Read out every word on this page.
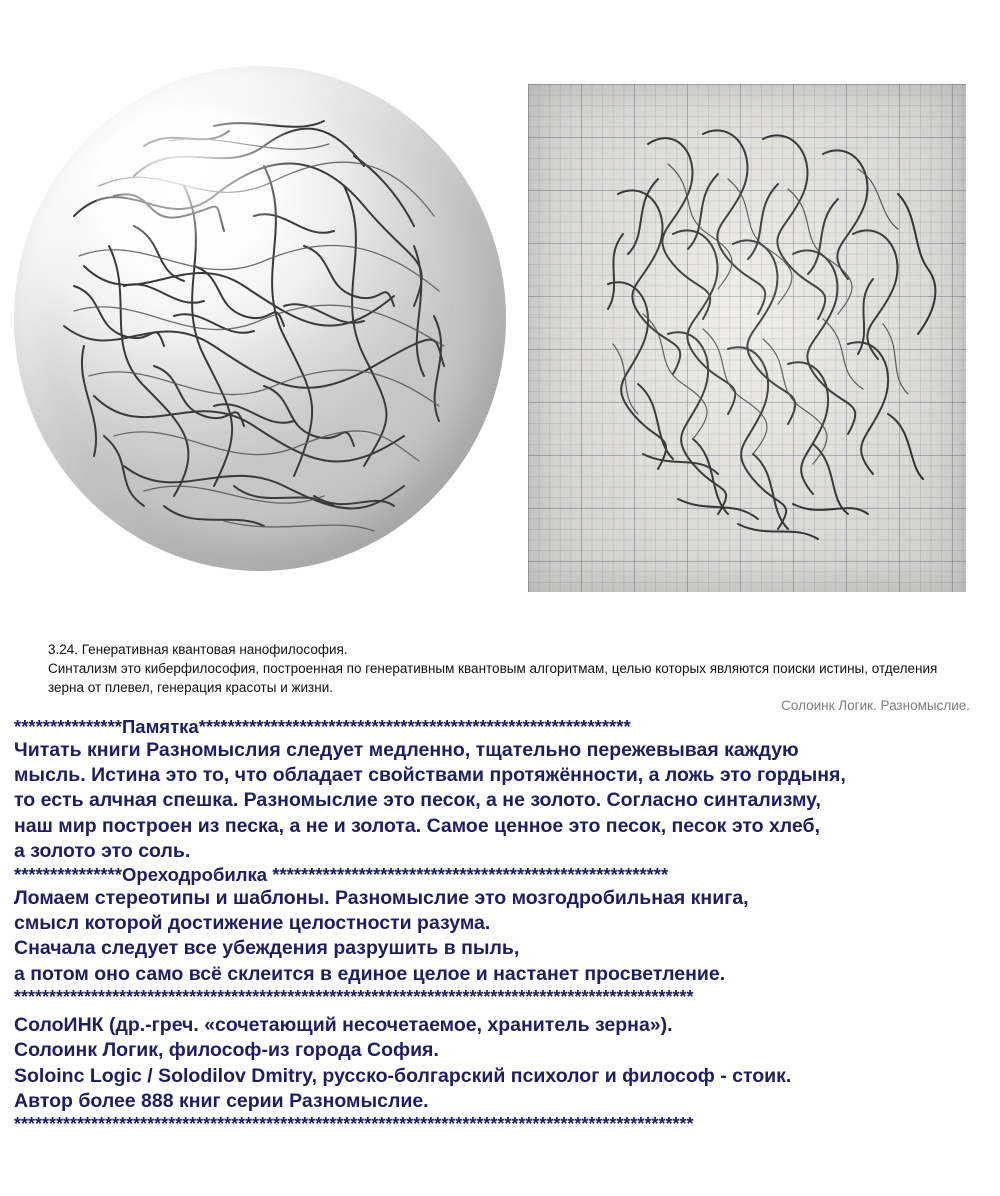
3.24. Генеративная квантовая нанофилософия.
Синтализм это киберфилософия, построенная по генеративным квантовым алгоритмам, целью которых являются поиски истины, отделения зерна от плевел, генерация красоты и жизни.
Солоинк Логик. Разномыслие.
***************Памятка************************************************************

Читать книги Разномыслия следует медленно, тщательно пережевывая каждую

мысль. Истина это то, что обладает свойствами протяжённости, а ложь это гордыня,

то есть алчная спешка. Разномыслие это песок, а не золото. Согласно синтализму,

наш мир построен из песка, а не и золота. Самое ценное это песок, песок это хлеб,

а золото это соль.

***************Ореходробилка *******************************************************

Ломаем стереотипы и шаблоны. Разномыслие это мозгодробильная книга,

смысл которой достижение целостности разума.

Сначала следует все убеждения разрушить в пыль,

а потом оно само всё склеится в единое целое и настанет просветление.

*************************************************************************************************

СолоИНК (др.-греч. «сочетающий несочетаемое, хранитель зерна»).

Солоинк Логик, философ-из города София.

Soloinc Logic / Solodilov Dmitry, русско-болгарский психолог и философ - стоик.

Автор более 888 книг серии Разномыслие.

*************************************************************************************************
